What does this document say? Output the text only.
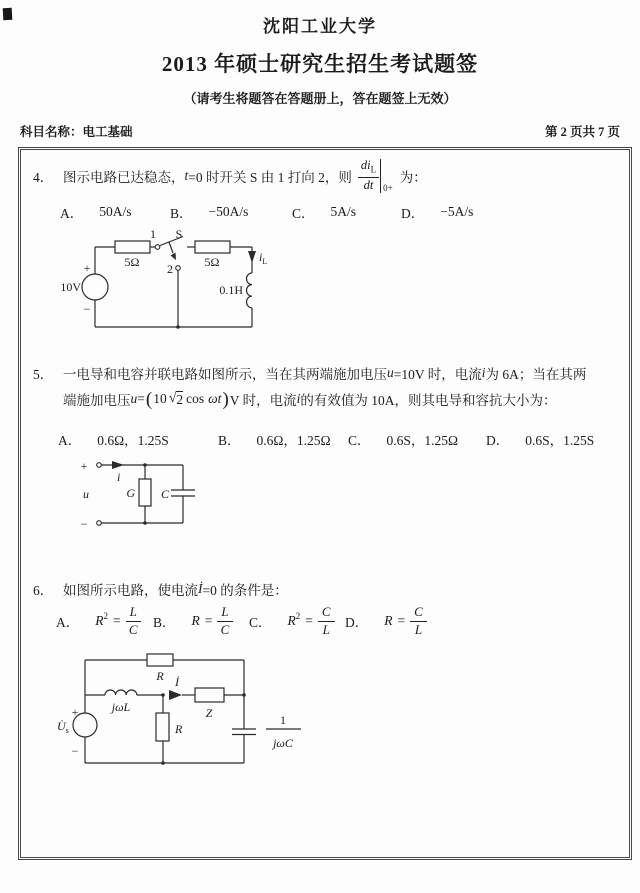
沈阳工业大学
2013 年硕士研究生招生考试题签
（请考生将题答在答题册上，答在题签上无效）
科目名称：电工基础	第 2 页共 7 页
4． 图示电路已达稳态， t =0 时开关 S 由 1 打向 2，则 $\frac{di_L}{dt} 0+$
为：
A． 50A/s	B． −50A/s	C． 5A/s	D． −5A/s
10V
+
−
5Ω
1 S
2	5Ω	$i_L$
0.1H
5． 一电导和电容并联电路如图所示，当在其两端施加电压 u =10V 时，电流 i 为 6A；当在其两
端施加电压 u = ( 10 √ 2 cos ωt ) V 时，电流 i 的有效值为 10A，则其电导和容抗大小为：
A． 0.6Ω，1.25S	B． 0.6Ω，1.25Ω C． 0.6S，1.25Ω D． 0.6S，1.25S
+
−
u
i
G C
6． 如图所示电路，使电流 İ =0 的条件是：
A． $R^2 = \frac{L}{C}$ B． $R = \frac{L}{C}$ C． $R^2 = \frac{C}{L}$ D． $R = \frac{C}{L}$
+
−
$U̇_s$
R
jωL
İ
Z
R
1
jωC
